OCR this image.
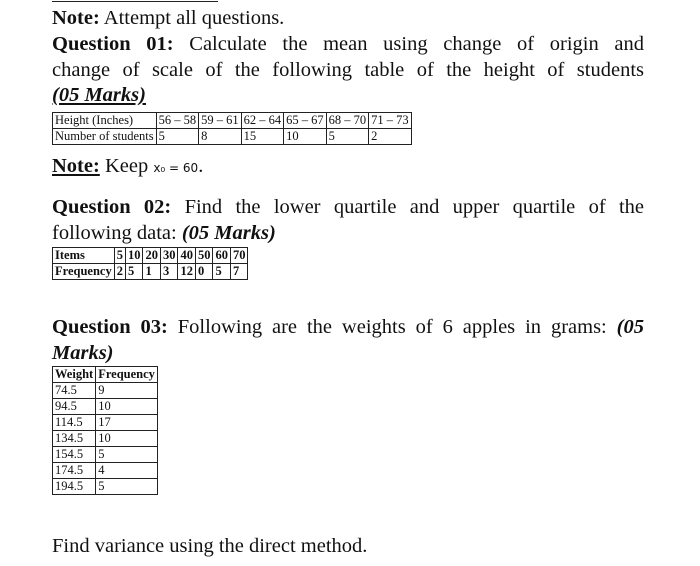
Note: Attempt all questions.
Question 01: Calculate the mean using change of origin and
change of scale of the following table of the height of students
(05 Marks)
Height (Inches)	56 – 58	59 – 61	62 – 64	65 – 67	68 – 70	71 – 73
Number of students	5	8	15	10	5	2
Note: Keep x₀ = 60.
Question 02: Find the lower quartile and upper quartile of the
following data: (05 Marks)
Items	5	10	20	30	40	50	60	70
Frequency	2	5	1	3	12	0	5	7
Question 03: Following are the weights of 6 apples in grams: (05
Marks)
Weight	Frequency
74.5	9
94.5	10
114.5	17
134.5	10
154.5	5
174.5	4
194.5	5
Find variance using the direct method.
